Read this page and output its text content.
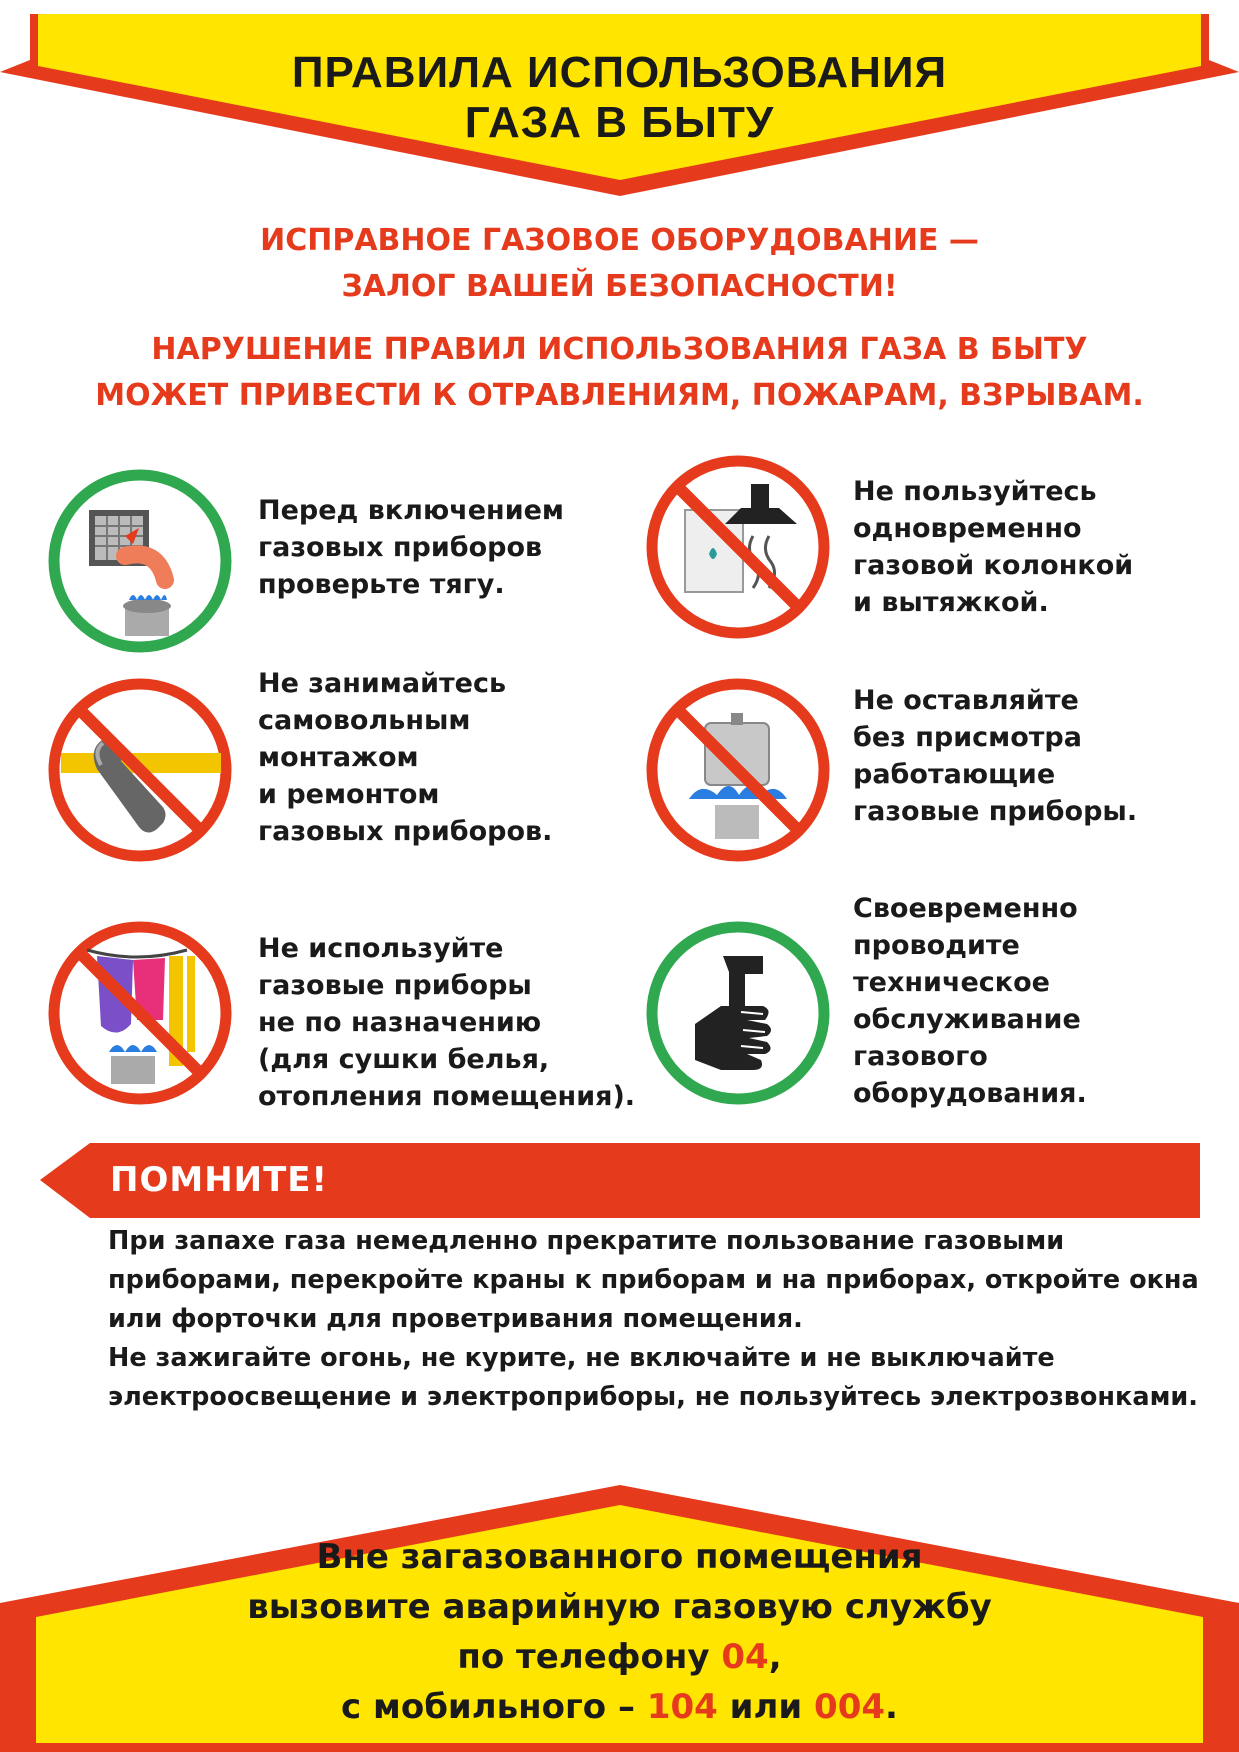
ПРАВИЛА ИСПОЛЬЗОВАНИЯ
ГАЗА В БЫТУ
ИСПРАВНОЕ ГАЗОВОЕ ОБОРУДОВАНИЕ —
ЗАЛОГ ВАШЕЙ БЕЗОПАСНОСТИ!
НАРУШЕНИЕ ПРАВИЛ ИСПОЛЬЗОВАНИЯ ГАЗА В БЫТУ
МОЖЕТ ПРИВЕСТИ К ОТРАВЛЕНИЯМ, ПОЖАРАМ, ВЗРЫВАМ.
Перед включением
газовых приборов
проверьте тягу.
Не пользуйтесь
одновременно
газовой колонкой
и вытяжкой.
Не занимайтесь
самовольным
монтажом
и ремонтом
газовых приборов.
Не оставляйте
без присмотра
работающие
газовые приборы.
Не используйте
газовые приборы
не по назначению
(для сушки белья,
отопления помещения).
Своевременно
проводите
техническое
обслуживание
газового
оборудования.
ПОМНИТЕ!

При запахе газа немедленно прекратите пользование газовыми приборами, перекройте краны к приборам и на приборах, откройте окна или форточки для проветривания помещения.

Не зажигайте огонь, не курите, не включайте и не выключайте электроосвещение и электроприборы, не пользуйтесь электрозвонками.

Вне загазованного помещения
вызовите аварийную газовую службу
по телефону 04,
с мобильного – 104 или 004.
